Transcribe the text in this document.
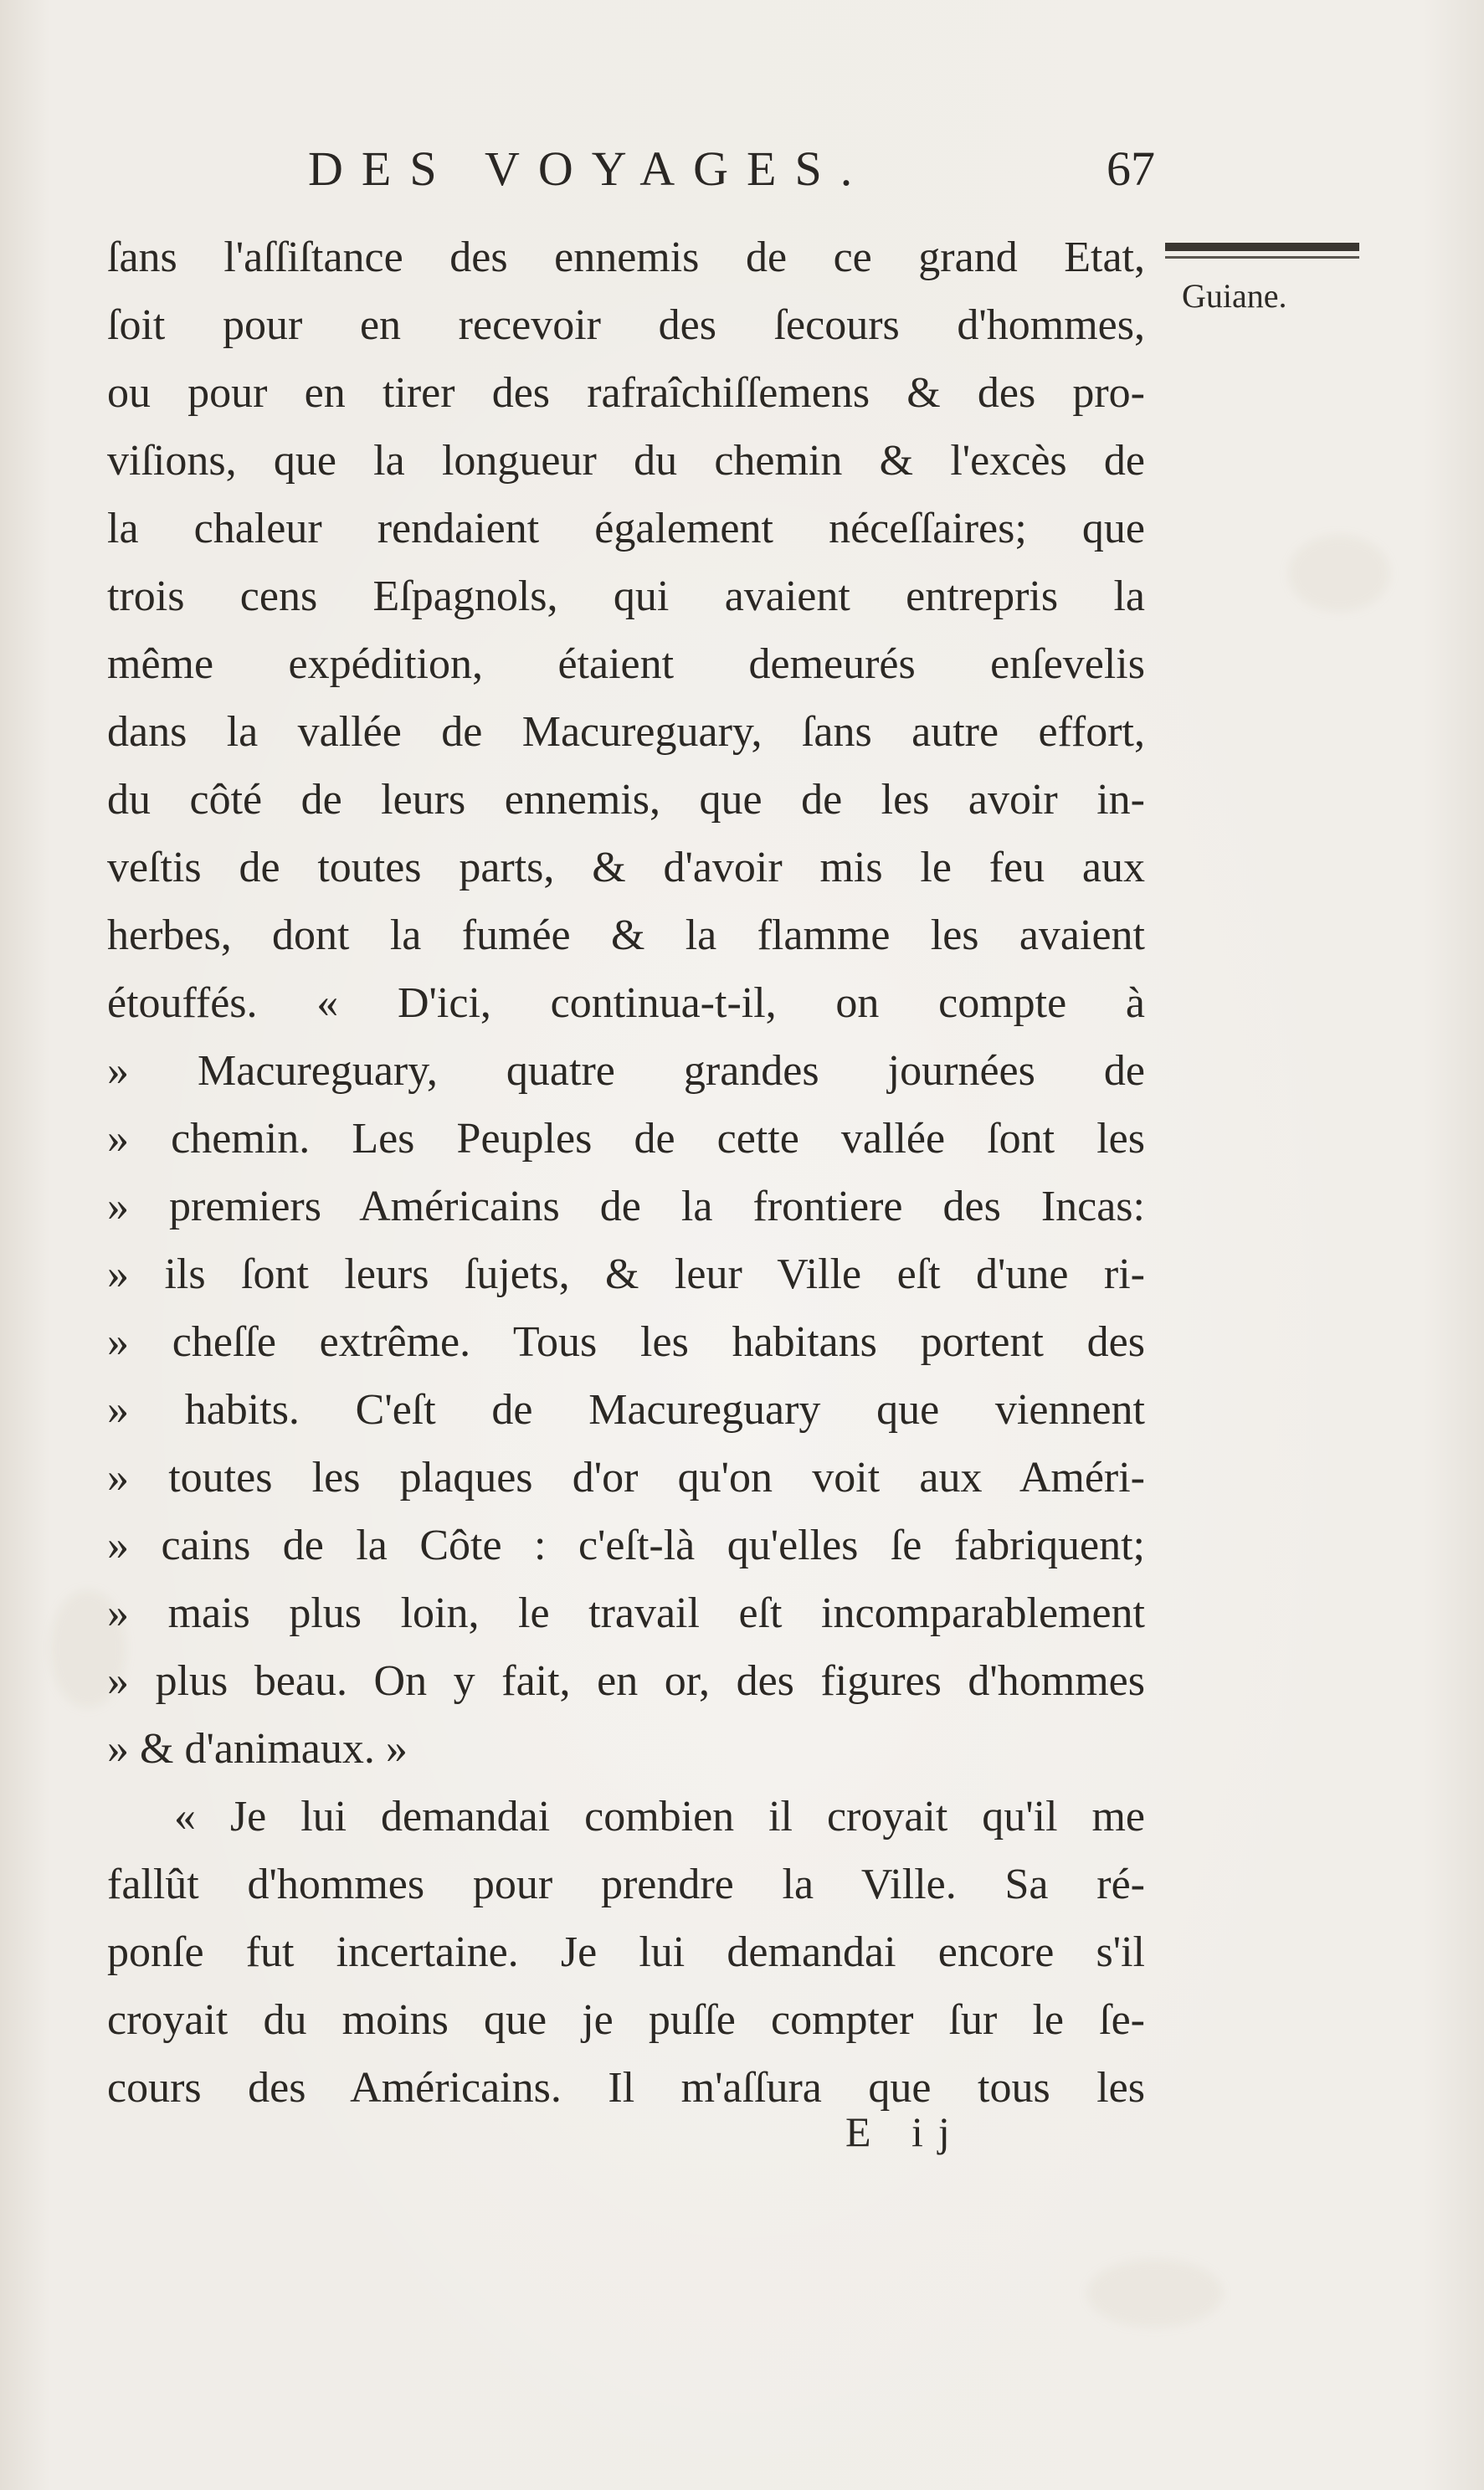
DES VOYAGES.	67
Guiane.
ſans l'aſſiſtance des ennemis de ce grand Etat,
ſoit pour en recevoir des ſecours d'hommes,
ou pour en tirer des rafraîchiſſemens & des pro-
viſions, que la longueur du chemin & l'excès de
la chaleur rendaient également néceſſaires; que
trois cens Eſpagnols, qui avaient entrepris la
même expédition, étaient demeurés enſevelis
dans la vallée de Macureguary, ſans autre effort,
du côté de leurs ennemis, que de les avoir in-
veſtis de toutes parts, & d'avoir mis le feu aux
herbes, dont la fumée & la flamme les avaient
étouffés. « D'ici, continua-t-il, on compte à
» Macureguary, quatre grandes journées de
» chemin. Les Peuples de cette vallée ſont les
» premiers Américains de la frontiere des Incas:
» ils ſont leurs ſujets, & leur Ville eſt d'une ri-
» cheſſe extrême. Tous les habitans portent des
» habits. C'eſt de Macureguary que viennent
» toutes les plaques d'or qu'on voit aux Améri-
» cains de la Côte : c'eſt-là qu'elles ſe fabriquent;
» mais plus loin, le travail eſt incomparablement
» plus beau. On y fait, en or, des figures d'hommes
» & d'animaux. »
« Je lui demandai combien il croyait qu'il me
fallût d'hommes pour prendre la Ville. Sa ré-
ponſe fut incertaine. Je lui demandai encore s'il
croyait du moins que je puſſe compter ſur le ſe-
cours des Américains. Il m'aſſura que tous les
E ij
